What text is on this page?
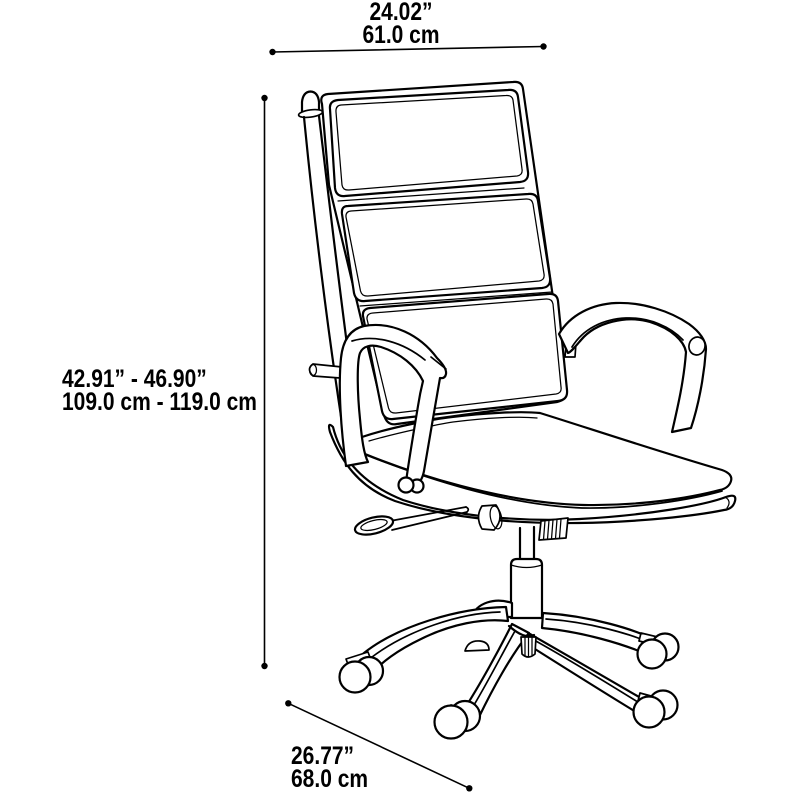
24.02”
61.0 cm
42.91” - 46.90”
109.0 cm - 119.0 cm
26.77”
68.0 cm
